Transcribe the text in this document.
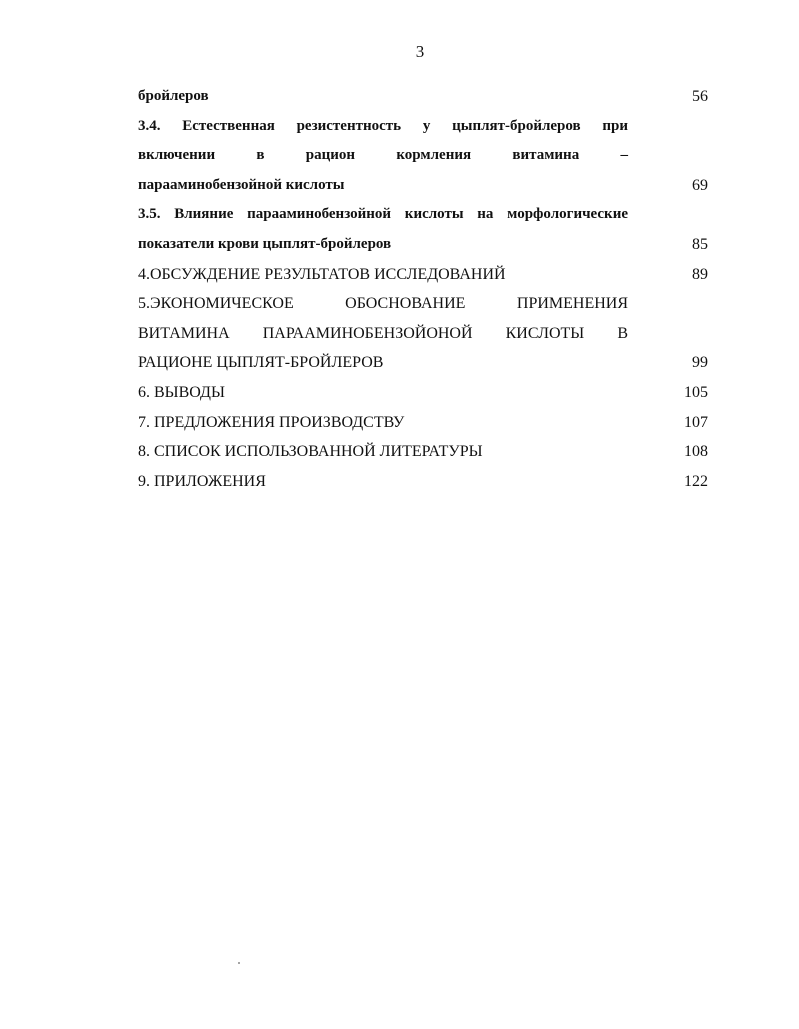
3
бройлеров	56
3.4. Естественная резистентность у цыплят-бройлеров при
включении в рацион кормления витамина –
парааминобензойной кислоты	69
3.5. Влияние парааминобензойной кислоты на морфологические
показатели крови цыплят-бройлеров	85
4.ОБСУЖДЕНИЕ РЕЗУЛЬТАТОВ ИССЛЕДОВАНИЙ	89
5.ЭКОНОМИЧЕСКОЕ ОБОСНОВАНИЕ ПРИМЕНЕНИЯ
ВИТАМИНА ПАРААМИНОБЕНЗОЙОНОЙ КИСЛОТЫ В
РАЦИОНЕ ЦЫПЛЯТ-БРОЙЛЕРОВ	99
6. ВЫВОДЫ	105
7. ПРЕДЛОЖЕНИЯ ПРОИЗВОДСТВУ	107
8. СПИСОК ИСПОЛЬЗОВАННОЙ ЛИТЕРАТУРЫ	108
9. ПРИЛОЖЕНИЯ	122
